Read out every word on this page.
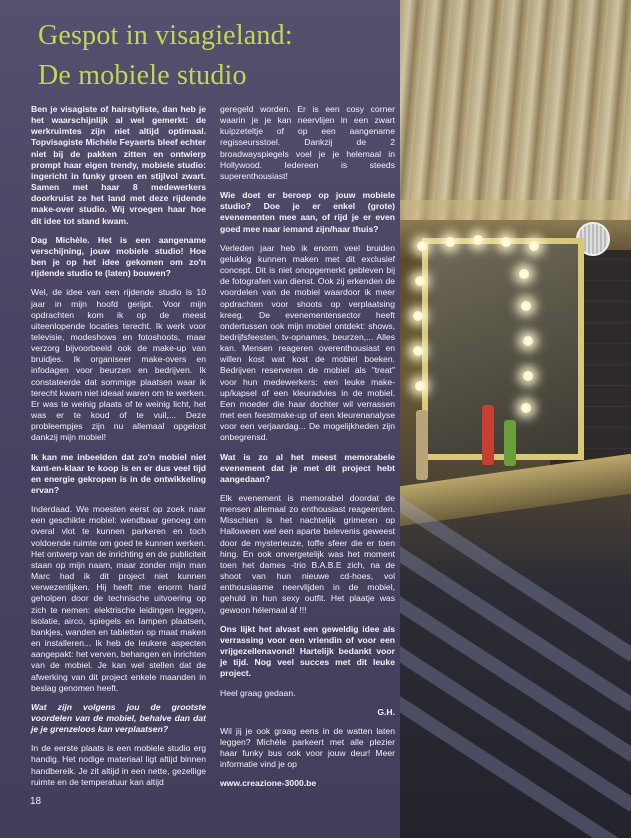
Gespot in visagieland:
De mobiele studio

Ben je visagiste of hairstyliste, dan heb je het waarschijnlijk al wel gemerkt: de werkruimtes zijn niet altijd optimaal. Topvisagiste Michèle Feyaerts bleef echter niet bij de pakken zitten en ontwierp prompt haar eigen trendy, mobiele studio: ingericht in funky groen en stijlvol zwart. Samen met haar 8 medewerkers doorkruist ze het land met deze rijdende make-over studio. Wij vroegen haar hoe dit idee tot stand kwam.

Dag Michèle. Het is een aangename verschijning, jouw mobiele studio! Hoe ben je op het idee gekomen om zo'n rijdende studio te (laten) bouwen?

Wel, de idee van een rijdende studio is 10 jaar in mijn hoofd gerijpt. Voor mijn opdrachten kom ik op de meest uiteenlopende locaties terecht. Ik werk voor televisie, modeshows en fotoshoots, maar verzorg bijvoorbeeld ook de make-up van bruidjes. Ik organiseer make-overs en infodagen voor beurzen en bedrijven. Ik constateerde dat sommige plaatsen waar ik terecht kwam niet ideaal waren om te werken. Er was te weinig plaats of te weinig licht, het was er te koud of te vuil,... Deze probleempjes zijn nu allemaal opgelost dankzij mijn mobiel!

Ik kan me inbeelden dat zo'n mobiel niet kant-en-klaar te koop is en er dus veel tijd en energie gekropen is in de ontwikkeling ervan?

Inderdaad. We moesten eerst op zoek naar een geschikte mobiel: wendbaar genoeg om overal vlot te kunnen parkeren en toch voldoende ruimte om goed te kunnen werken. Het ontwerp van de inrichting en de publiciteit staan op mijn naam, maar zonder mijn man Marc had ik dit project niet kunnen verwezenlijken. Hij heeft me enorm hard geholpen door de technische uitvoering op zich te nemen: elektrische leidingen leggen, isolatie, airco, spiegels en lampen plaatsen, bankjes, wanden en tabletten op maat maken en installeren... Ik heb de leukere aspecten aangepakt: het verven, behangen en inrichten van de mobiel. Je kan wel stellen dat de afwerking van dit project enkele maanden in beslag genomen heeft.

Wat zijn volgens jou de grootste voordelen van de mobiel, behalve dan dat je je grenzeloos kan verplaatsen?

In de eerste plaats is een mobiele studio erg handig. Het nodige materiaal ligt altijd binnen handbereik. Je zit altijd in een nette, gezellige ruimte en de temperatuur kan altijd

geregeld worden. Er is een cosy corner waarin je je kan neervlijen in een zwart kuipzeteltje of op een aangename regisseursstoel. Dankzij de 2 broadwayspiegels voel je je helemaal in Hollywood. Iedereen is steeds superenthousiast!

Wie doet er beroep op jouw mobiele studio? Doe je er enkel (grote) evenementen mee aan, of rijd je er even goed mee naar iemand zijn/haar thuis?

Verleden jaar heb ik enorm veel bruiden gelukkig kunnen maken met dit exclusief concept. Dit is niet onopgemerkt gebleven bij de fotografen van dienst. Ook zij erkenden de voordelen van de mobiel waardoor ik meer opdrachten voor shoots op verplaatsing kreeg. De evenementensector heeft ondertussen ook mijn mobiel ontdekt: shows, bedrijfsfeesten, tv-opnames, beurzen,... Alles kan. Mensen reageren overenthousiast en willen kost wat kost de mobiel boeken. Bedrijven reserveren de mobiel als "treat" voor hun medewerkers: een leuke make-up/kapsel of een kleuradvies in de mobiel. Een moeder die haar dochter wil verrassen met een feestmake-up of een kleurenanalyse voor een verjaardag... De mogelijkheden zijn onbegrensd.

Wat is zo al het meest memorabele evenement dat je met dit project hebt aangedaan?

Elk evenement is memorabel doordat de mensen allemaal zo enthousiast reageerden. Misschien is het nachtelijk grimeren op Halloween wel een aparte belevenis geweest door de mysterieuze, toffe sfeer die er toen hing. En ook onvergetelijk was het moment toen het dames -trio B.A.B.E zich, na de shoot van hun nieuwe cd-hoes, vol enthousiasme neervlijden in de mobiel, gehuld in hun sexy outfit. Het plaatje was gewoon hélemaal áf !!!

Ons lijkt het alvast een geweldig idee als verrassing voor een vriendin of voor een vrijgezellenavond! Hartelijk bedankt voor je tijd. Nog veel succes met dit leuke project.

Heel graag gedaan.

G.H.

Wil jij je ook graag eens in de watten laten leggen? Michèle parkeert met alle plezier haar funky bus ook voor jouw deur! Meer informatie vind je op

www.creazione-3000.be

18
